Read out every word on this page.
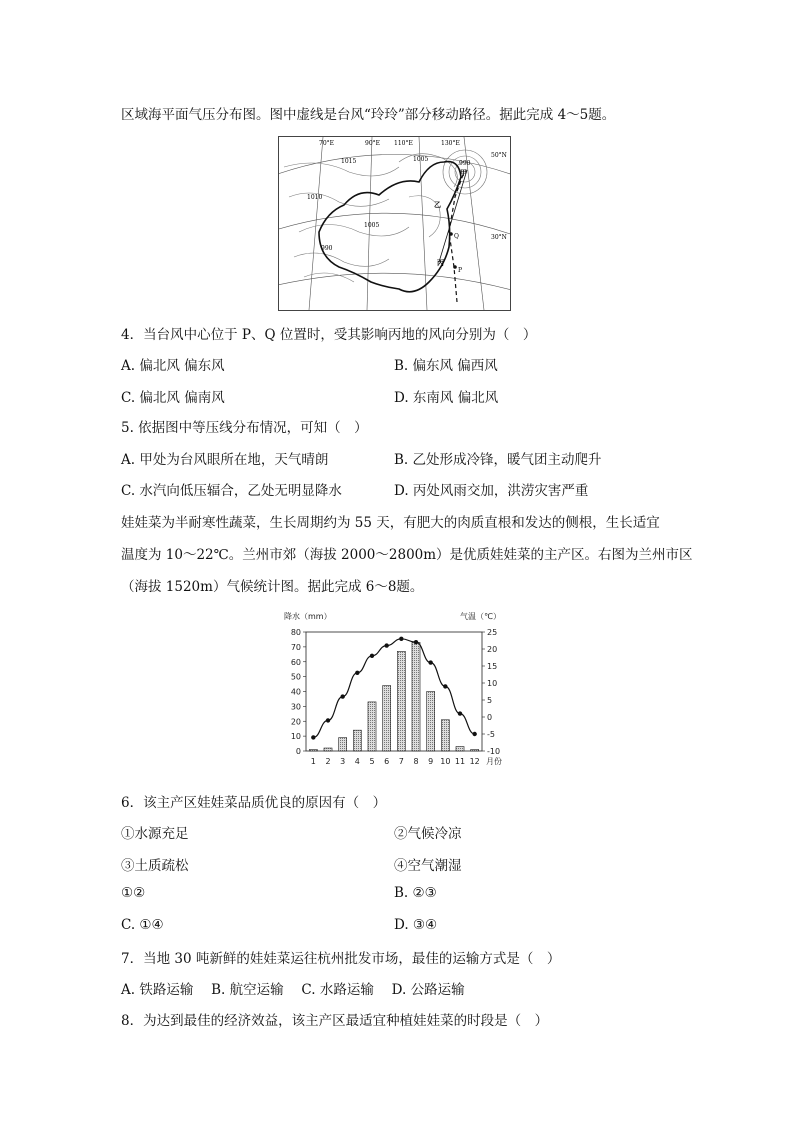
区域海平面气压分布图。图中虚线是台风“玲玲”部分移动路径。据此完成 4～5题。
70°E	90°E 110°E	130°E
50°N
30°N
1015
1010
1005
1005
990
990
甲
乙
丙
P
Q
4．当台风中心位于 P、Q 位置时，受其影响丙地的风向分别为（　）
A. 偏北风 偏东风	B. 偏东风 偏西风
C. 偏北风 偏南风	D. 东南风 偏北风
5. 依据图中等压线分布情况，可知（　）
A. 甲处为台风眼所在地，天气晴朗	B. 乙处形成冷锋，暖气团主动爬升
C. 水汽向低压辐合，乙处无明显降水	D. 丙处风雨交加，洪涝灾害严重
娃娃菜为半耐寒性蔬菜，生长周期约为 55 天，有肥大的肉质直根和发达的侧根，生长适宜
温度为 10～22℃。兰州市郊（海拔 2000～2800m）是优质娃娃菜的主产区。右图为兰州市区
（海拔 1520m）气候统计图。据此完成 6～8题。
降水（mm）	气温（℃）
80
70
60
50
40
30
20
10
0
25
20
15
10
5
0
-5
-10
1 2 3 4 5 6 7 8 9 10 11 12 月份
6．该主产区娃娃菜品质优良的原因有（　）
①水源充足	②气候冷凉
③土质疏松	④空气潮湿
①②	B. ②③
C. ①④	D. ③④
7．当地 30 吨新鲜的娃娃菜运往杭州批发市场，最佳的运输方式是（　）
A. 铁路运输　 B. 航空运输　 C. 水路运输　 D. 公路运输
8．为达到最佳的经济效益，该主产区最适宜种植娃娃菜的时段是（　）
